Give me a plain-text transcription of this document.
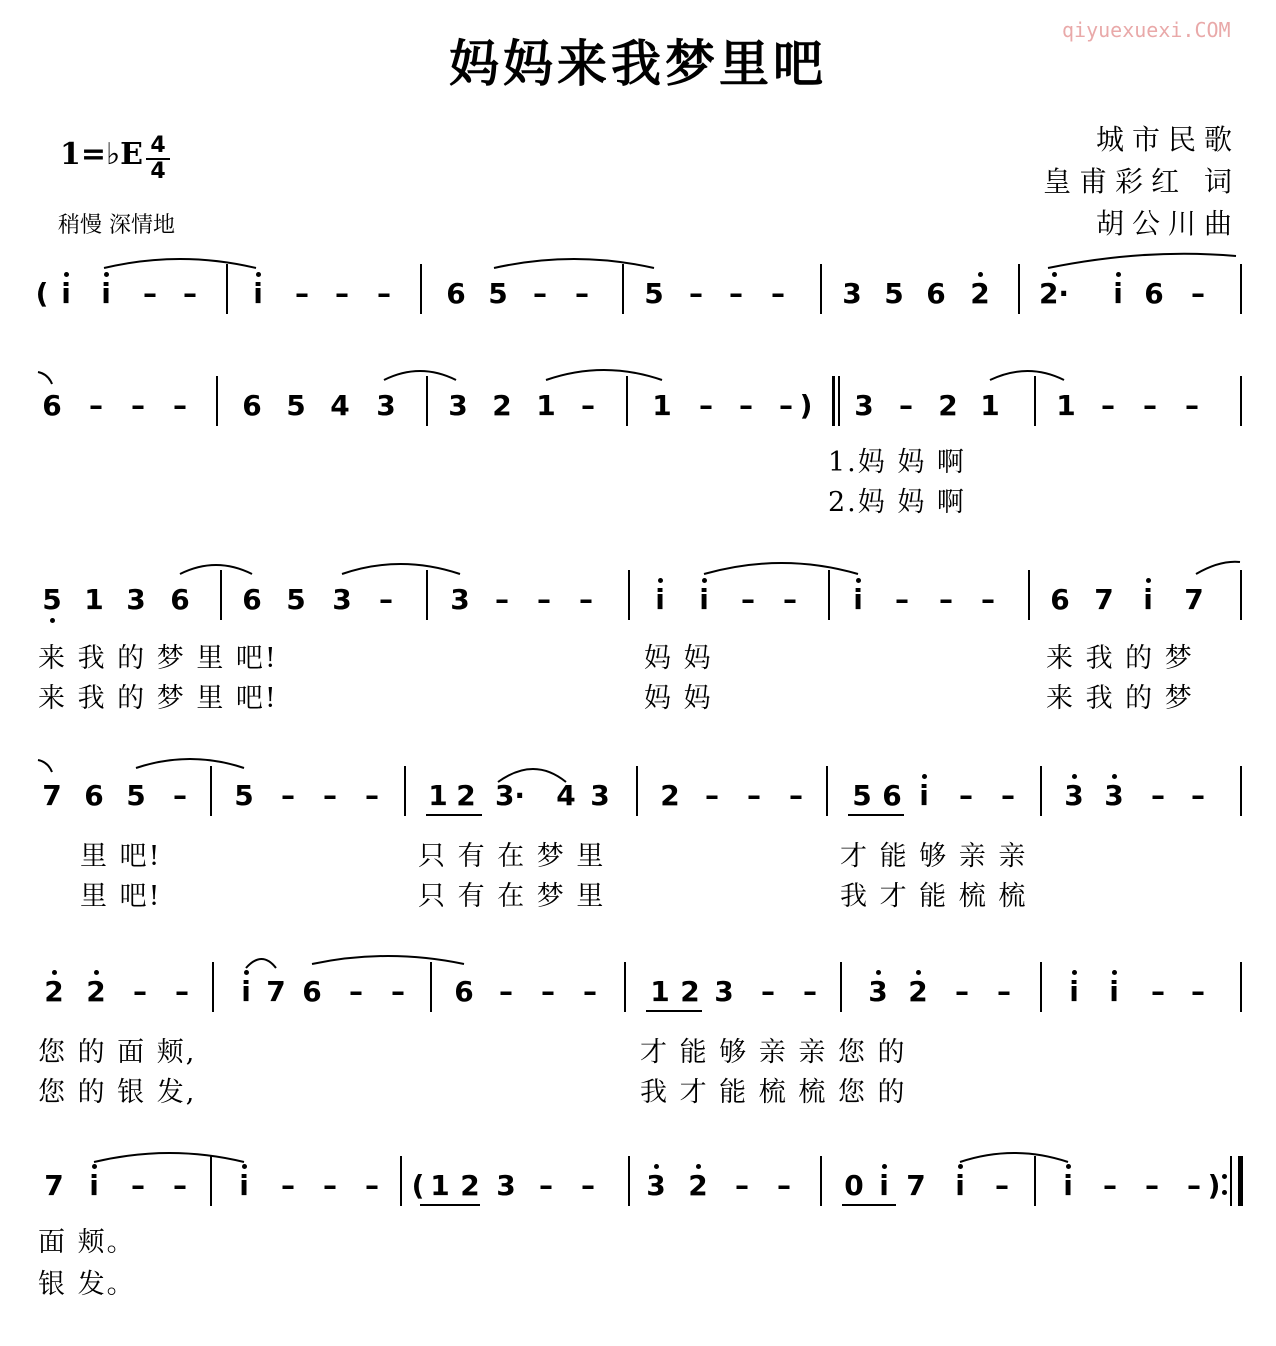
妈妈来我梦里吧
qiyuexuexi.COM
1=♭E 4
4
稍慢 深情地
城市民歌
皇甫彩红 词
胡公川曲
( i i – – i – – – 6 5 – – 5 – – – 3 5 6 2 2· i 6 –
6 – – – 6 5 4 3 3 2 1 – 1 – – – 3 – 2 1 1 – – –
)
5 1 3 6 6 5 3 – 3 – – – i i – – i – – – 6 7 i 7
7 6 5 – 5 – – – 1 2 3· 4 3 2 – – – 5 6 i – – 3 3 – –
2 2 – – i 7 6 – – 6 – – – 1 2 3 – – 3 2 – – i i – –
7 i – – i – – – ( 1 2 3 – – 3 2 – – 0 i 7 i – i – – – )
1.妈 妈 啊
2.妈 妈 啊
来 我 的 梦 里 吧!	妈 妈	来 我 的 梦
来 我 的 梦 里 吧!	妈 妈	来 我 的 梦
里 吧!	只 有 在 梦 里	才 能 够 亲 亲
里 吧!	只 有 在 梦 里	我 才 能 梳 梳
您 的 面 颊,	才 能 够 亲 亲 您 的
您 的 银 发,	我 才 能 梳 梳 您 的
面 颊。
银 发。
